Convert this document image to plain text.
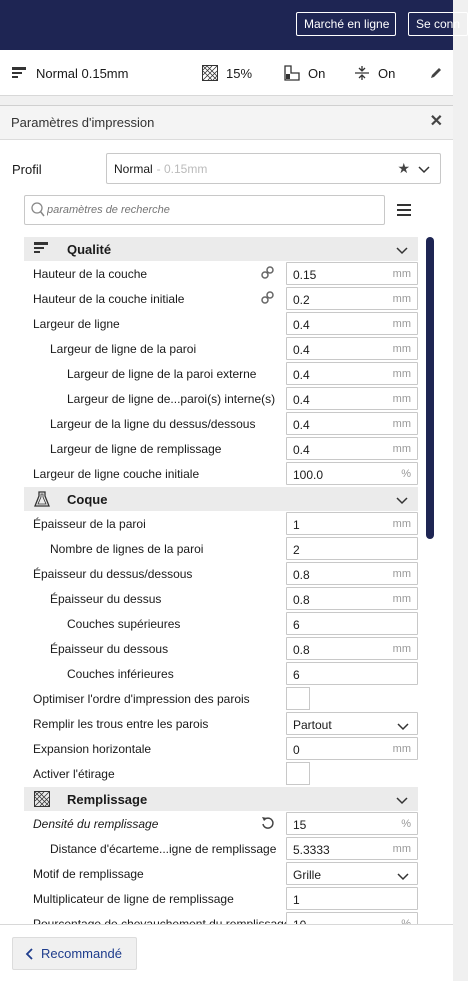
Marché en ligne	Se conn
Normal 0.15mm	15%	On	On
Paramètres d'impression	✕
Profil	Normal - 0.15mm	★
paramètres de recherche
Qualité
Hauteur de la couche	0.15	mm
Hauteur de la couche initiale	0.2	mm
Largeur de ligne	0.4	mm
Largeur de ligne de la paroi	0.4	mm
Largeur de ligne de la paroi externe	0.4	mm
Largeur de ligne de...paroi(s) interne(s) 0.4	mm
Largeur de la ligne du dessus/dessous	0.4	mm
Largeur de ligne de remplissage	0.4	mm
Largeur de ligne couche initiale	100.0	%
Coque
Épaisseur de la paroi	1	mm
Nombre de lignes de la paroi	2
Épaisseur du dessus/dessous	0.8	mm
Épaisseur du dessus	0.8	mm
Couches supérieures	6
Épaisseur du dessous	0.8	mm
Couches inférieures	6
Optimiser l'ordre d'impression des parois
Remplir les trous entre les parois	Partout
Expansion horizontale	0	mm
Activer l'étirage
Remplissage
Densité du remplissage	15	%
Distance d'écarteme...igne de remplissage 5.3333	mm
Motif de remplissage	Grille
Multiplicateur de ligne de remplissage	1
Recommandé
